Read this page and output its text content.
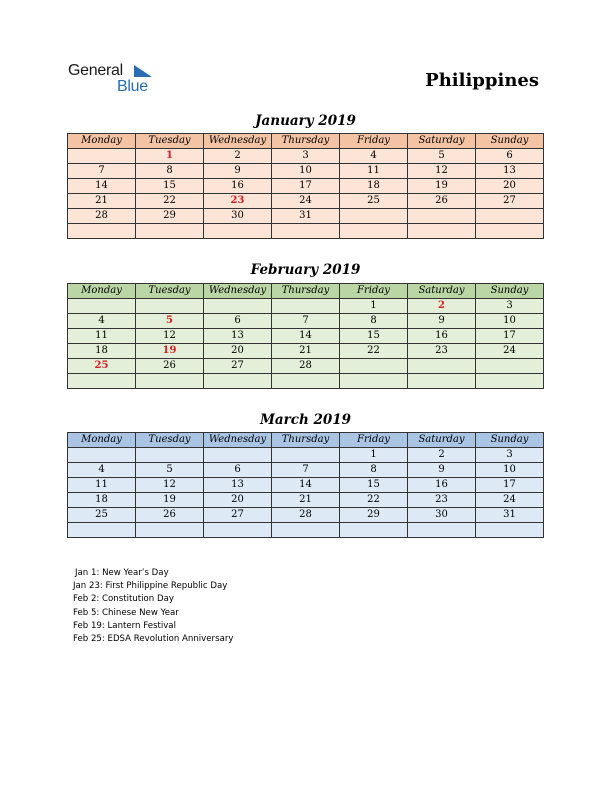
General
Blue	Philippines
January 2019
Monday	Tuesday	Wednesday	Thursday	Friday	Saturday	Sunday
	1	2	3	4	5	6
7	8	9	10	11	12	13
14	15	16	17	18	19	20
21	22	23	24	25	26	27
28	29	30	31			

February 2019
Monday	Tuesday	Wednesday	Thursday	Friday	Saturday	Sunday
				1	2	3
4	5	6	7	8	9	10
11	12	13	14	15	16	17
18	19	20	21	22	23	24
25	26	27	28			

March 2019
Monday	Tuesday	Wednesday	Thursday	Friday	Saturday	Sunday
				1	2	3
4	5	6	7	8	9	10
11	12	13	14	15	16	17
18	19	20	21	22	23	24
25	26	27	28	29	30	31

Jan 1: New Year’s Day
Jan 23: First Philippine Republic Day
Feb 2: Constitution Day
Feb 5: Chinese New Year
Feb 19: Lantern Festival
Feb 25: EDSA Revolution Anniversary
